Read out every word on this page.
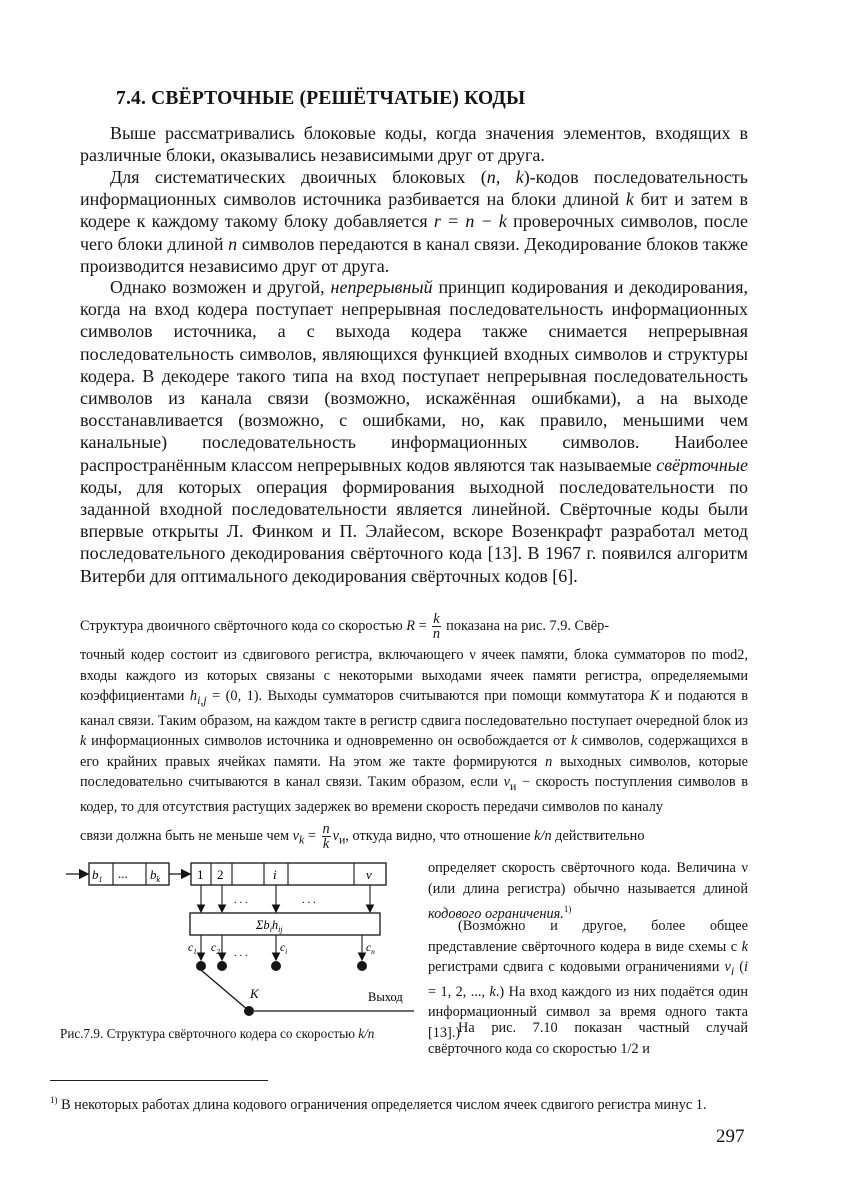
7.4. СВЁРТОЧНЫЕ (РЕШЁТЧАТЫЕ) КОДЫ

Выше рассматривались блоковые коды, когда значения элементов, входящих в различные блоки, оказывались независимыми друг от друга.

Для систематических двоичных блоковых (n, k)-кодов последовательность информационных символов источника разбивается на блоки длиной k бит и затем в кодере к каждому такому блоку добавляется r = n − k проверочных символов, после чего блоки длиной n символов передаются в канал связи. Декодирование блоков также производится независимо друг от друга.

Однако возможен и другой, непрерывный принцип кодирования и декодирования, когда на вход кодера поступает непрерывная последовательность информационных символов источника, а с выхода кодера также снимается непрерывная последовательность символов, являющихся функцией входных символов и структуры кодера. В декодере такого типа на вход поступает непрерывная последовательность символов из канала связи (возможно, искажённая ошибками), а на выходе восстанавливается (возможно, с ошибками, но, как правило, меньшими чем канальные) последовательность информационных символов. Наиболее распространённым классом непрерывных кодов являются так называемые свёрточные коды, для которых операция формирования выходной последовательности по заданной входной последовательности является линейной. Свёрточные коды были впервые открыты Л. Финком и П. Элайесом, вскоре Возенкрафт разработал метод последовательного декодирования свёрточного кода [13]. В 1967 г. появился алгоритм Витерби для оптимального декодирования свёрточных кодов [6].

Структура двоичного свёрточного кода со скоростью $R = \frac{k}{n}$ показана на рис. 7.9. Свёр-

точный кодер состоит из сдвигового регистра, включающего ν ячеек памяти, блока сумматоров по mod2, входы каждого из которых связаны с некоторыми выходами ячеек памяти регистра, определяемыми коэффициентами $h_{i,j} = (0$, 1). Выходы сумматоров считываются при помощи коммутатора K и подаются в канал связи. Таким образом, на каждом такте в регистр сдвига последовательно поступает очередной блок из k информационных символов источника и одновременно он освобождается от k символов, содержащихся в его крайних правых ячейках памяти. На этом же такте формируются n выходных символов, которые последовательно считываются в канал связи. Таким образом, если $v_и$ − скорость поступления символов в кодер, то для отсутствия растущих задержек во времени скорость передачи символов по каналу

связи должна быть не меньше чем $v_k = \frac{n}{k} v_и$, откуда видно, что отношение k/n действительно

$b_1$ ... $b_k$	1 2	i	ν
. . .	. . .
$\Sigma b_ih_{ij}$
$c_1$ $c_2$	$c_i$	$c_n$
. . .
K	Выход

Рис.7.9. Структура свёрточного кодера со скоростью k/n

определяет скорость свёрточного кода. Величина ν (или длина регистра) обычно называется длиной кодового ограничения.$^{1)}$

(Возможно и другое, более общее представление свёрточного кодера в виде схемы с k регистрами сдвига с кодовыми ограничениями $\nu_i$ (i = 1, 2, ..., k.) На вход каждого из них подаётся один информационный символ за время одного такта [13].)

На рис. 7.10 показан частный случай свёрточного кода со скоростью 1/2 и

$^{1)}$ В некоторых работах длина кодового ограничения определяется числом ячеек сдвигого регистра минус 1.

297
